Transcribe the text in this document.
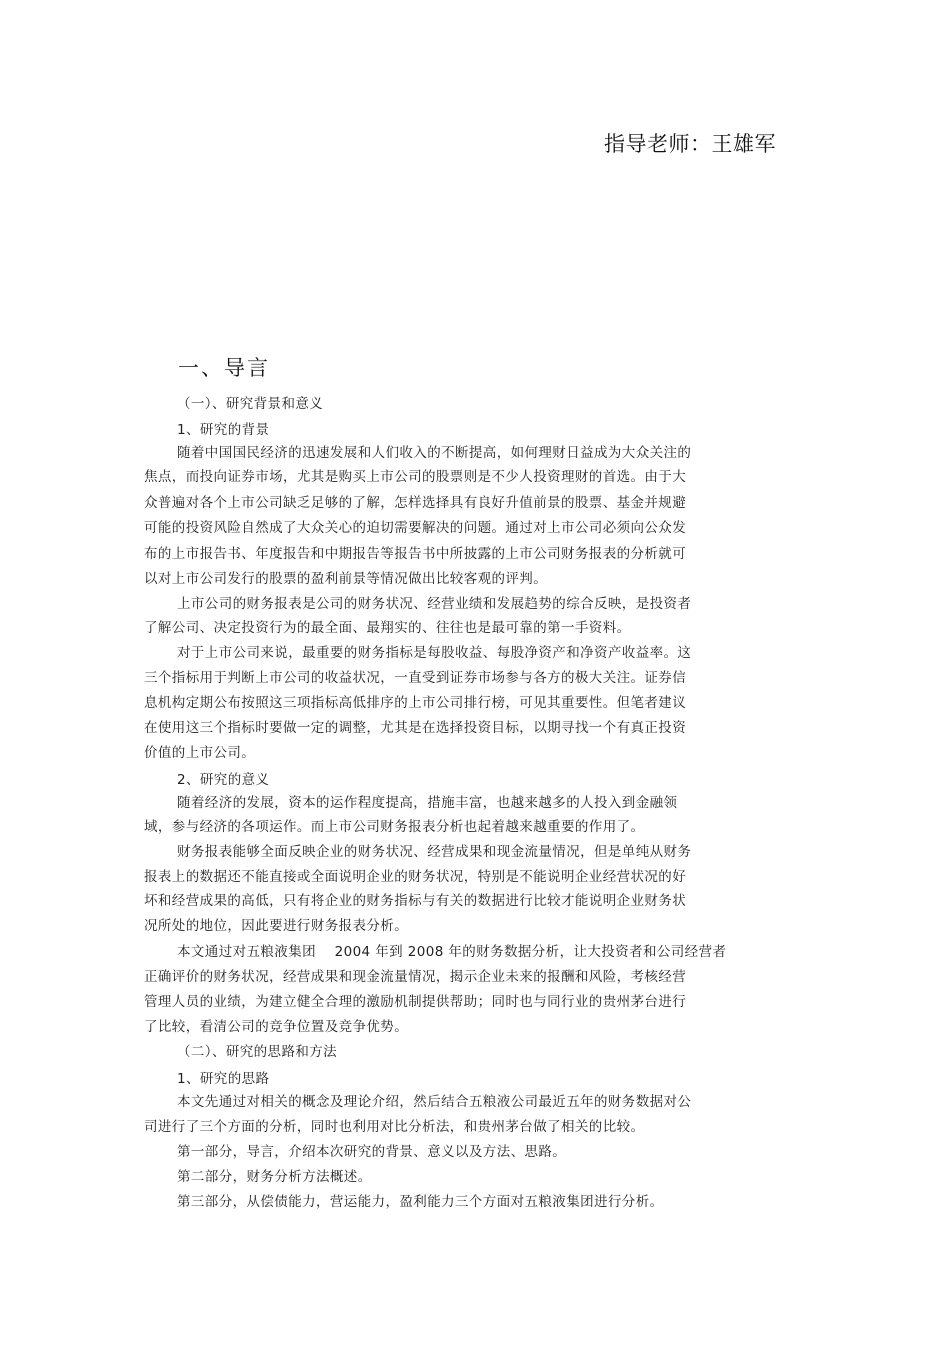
指导老师：王雄军
一、导言
（一）、研究背景和意义
1、研究的背景
随着中国国民经济的迅速发展和人们收入的不断提高，如何理财日益成为大众关注的
焦点，而投向证券市场，尤其是购买上市公司的股票则是不少人投资理财的首选。由于大
众普遍对各个上市公司缺乏足够的了解，怎样选择具有良好升值前景的股票、基金并规避
可能的投资风险自然成了大众关心的迫切需要解决的问题。通过对上市公司必须向公众发
布的上市报告书、年度报告和中期报告等报告书中所披露的上市公司财务报表的分析就可
以对上市公司发行的股票的盈利前景等情况做出比较客观的评判。
上市公司的财务报表是公司的财务状况、经营业绩和发展趋势的综合反映，是投资者
了解公司、决定投资行为的最全面、最翔实的、往往也是最可靠的第一手资料。
对于上市公司来说，最重要的财务指标是每股收益、每股净资产和净资产收益率。这
三个指标用于判断上市公司的收益状况，一直受到证券市场参与各方的极大关注。证券信
息机构定期公布按照这三项指标高低排序的上市公司排行榜，可见其重要性。但笔者建议
在使用这三个指标时要做一定的调整，尤其是在选择投资目标，以期寻找一个有真正投资
价值的上市公司。
2、研究的意义
随着经济的发展，资本的运作程度提高，措施丰富，也越来越多的人投入到金融领
域，参与经济的各项运作。而上市公司财务报表分析也起着越来越重要的作用了。
财务报表能够全面反映企业的财务状况、经营成果和现金流量情况，但是单纯从财务
报表上的数据还不能直接或全面说明企业的财务状况，特别是不能说明企业经营状况的好
坏和经营成果的高低，只有将企业的财务指标与有关的数据进行比较才能说明企业财务状
况所处的地位，因此要进行财务报表分析。
本文通过对五粮液集团　 2004 年到 2008 年的财务数据分析，让大投资者和公司经营者
正确评价的财务状况，经营成果和现金流量情况，揭示企业未来的报酬和风险，考核经营
管理人员的业绩，为建立健全合理的激励机制提供帮助；同时也与同行业的贵州茅台进行
了比较，看清公司的竞争位置及竞争优势。
（二）、研究的思路和方法
1、研究的思路
本文先通过对相关的概念及理论介绍，然后结合五粮液公司最近五年的财务数据对公
司进行了三个方面的分析，同时也利用对比分析法，和贵州茅台做了相关的比较。
第一部分，导言，介绍本次研究的背景、意义以及方法、思路。
第二部分，财务分析方法概述。
第三部分，从偿债能力，营运能力，盈利能力三个方面对五粮液集团进行分析。
